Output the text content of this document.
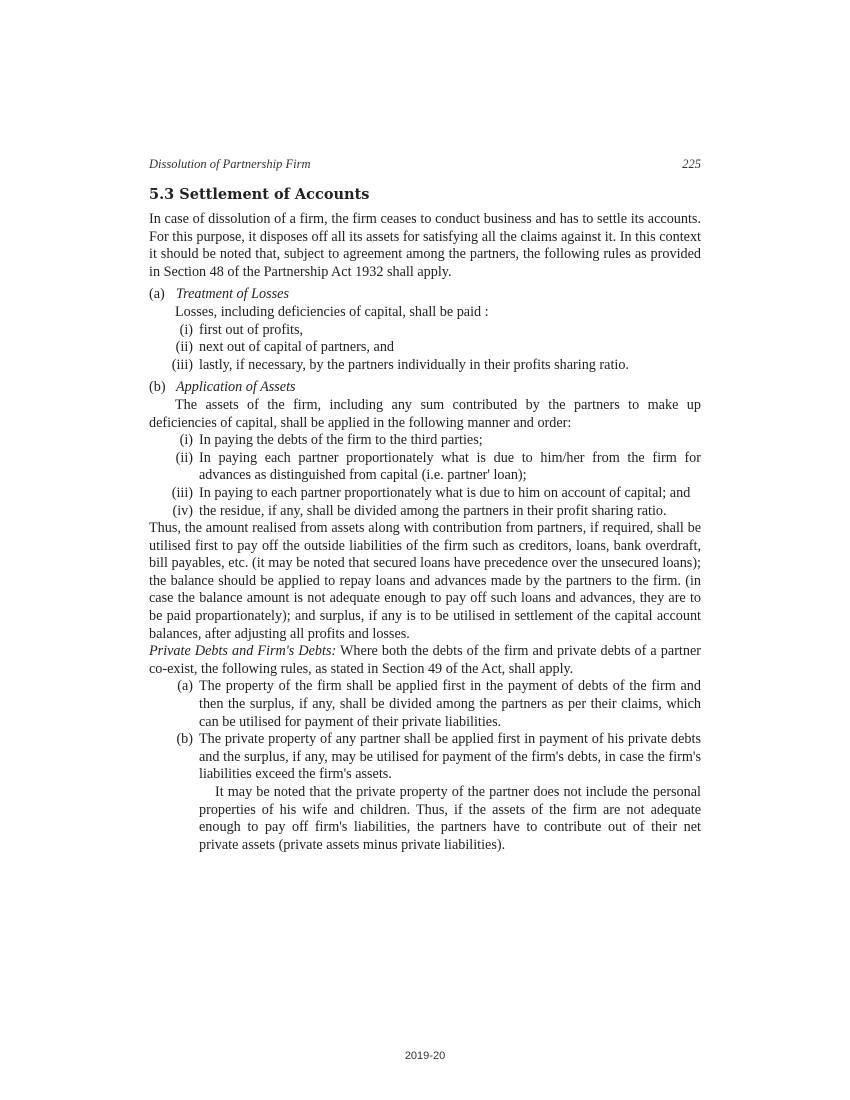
Dissolution of Partnership Firm	225
5.3 Settlement of Accounts

In case of dissolution of a firm, the firm ceases to conduct business and has to settle its accounts. For this purpose, it disposes off all its assets for satisfying all the claims against it. In this context it should be noted that, subject to agreement among the partners, the following rules as provided in Section 48 of the Partnership Act 1932 shall apply.

(a) Treatment of Losses

Losses, including deficiencies of capital, shall be paid :

(i) first out of profits,
(ii) next out of capital of partners, and
(iii) lastly, if necessary, by the partners individually in their profits sharing ratio.
(b) Application of Assets

The assets of the firm, including any sum contributed by the partners to make up deficiencies of capital, shall be applied in the following manner and order:

(i) In paying the debts of the firm to the third parties;
(ii) In paying each partner proportionately what is due to him/her from the firm for advances as distinguished from capital (i.e. partner' loan);
(iii) In paying to each partner proportionately what is due to him on account of capital; and
(iv) the residue, if any, shall be divided among the partners in their profit sharing ratio.

Thus, the amount realised from assets along with contribution from partners, if required, shall be utilised first to pay off the outside liabilities of the firm such as creditors, loans, bank overdraft, bill payables, etc. (it may be noted that secured loans have precedence over the unsecured loans); the balance should be applied to repay loans and advances made by the partners to the firm. (in case the balance amount is not adequate enough to pay off such loans and advances, they are to be paid propartionately); and surplus, if any is to be utilised in settlement of the capital account balances, after adjusting all profits and losses.

Private Debts and Firm's Debts: Where both the debts of the firm and private debts of a partner co-exist, the following rules, as stated in Section 49 of the Act, shall apply.

(a) The property of the firm shall be applied first in the payment of debts of the firm and then the surplus, if any, shall be divided among the partners as per their claims, which can be utilised for payment of their private liabilities.
(b) The private property of any partner shall be applied first in payment of his private debts and the surplus, if any, may be utilised for payment of the firm's debts, in case the firm's liabilities exceed the firm's assets.

It may be noted that the private property of the partner does not include the personal properties of his wife and children. Thus, if the assets of the firm are not adequate enough to pay off firm's liabilities, the partners have to contribute out of their net private assets (private assets minus private liabilities).

2019-20
